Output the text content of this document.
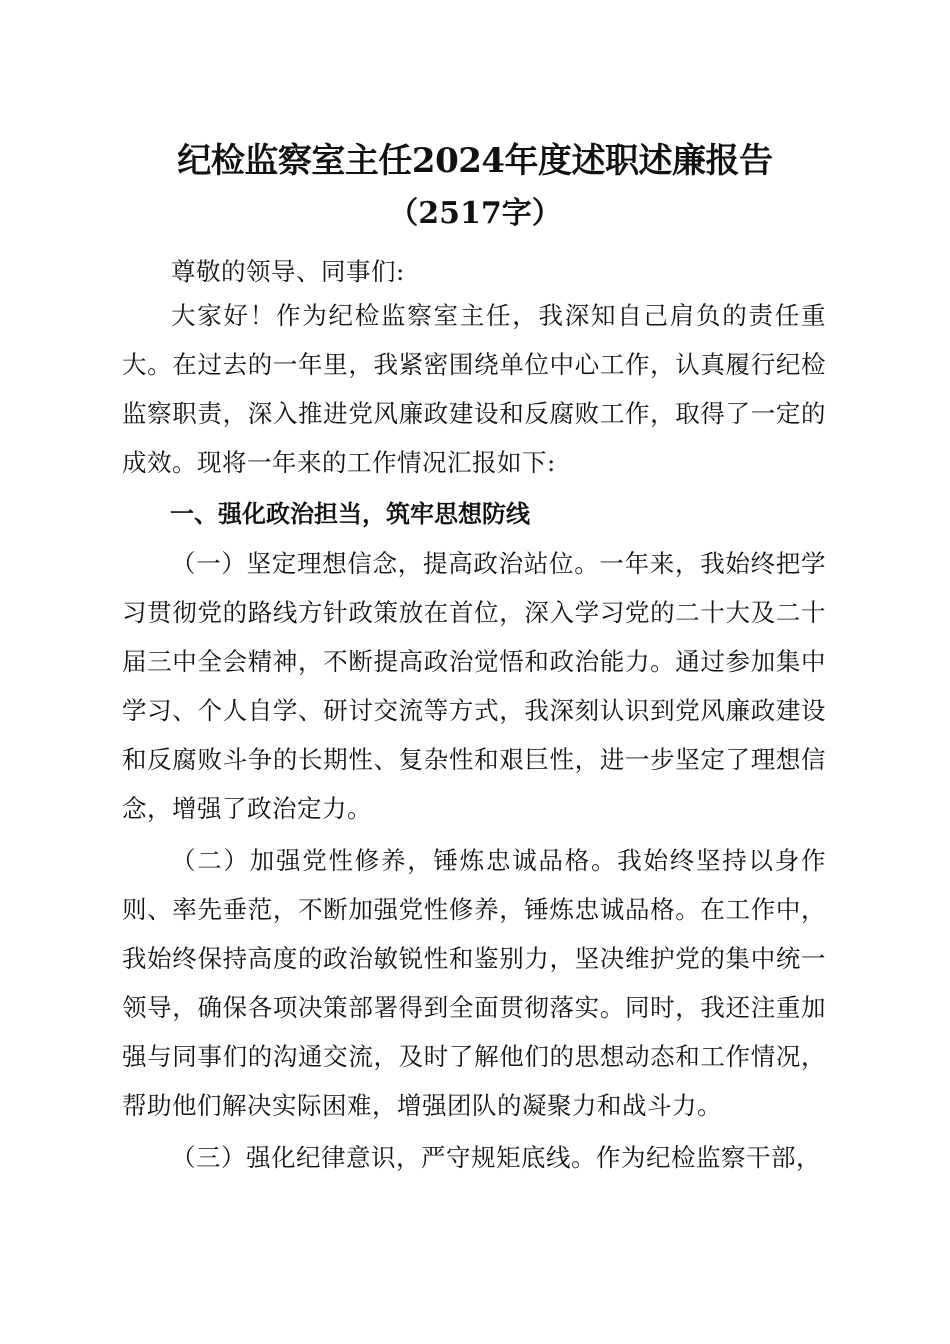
纪检监察室主任2024年度述职述廉报告
（2517字）

尊敬的领导、同事们:

大家好！作为纪检监察室主任，我深知自己肩负的责任重大。在过去的一年里，我紧密围绕单位中心工作，认真履行纪检监察职责，深入推进党风廉政建设和反腐败工作，取得了一定的成效。现将一年来的工作情况汇报如下:

一、强化政治担当，筑牢思想防线

（一）坚定理想信念，提高政治站位。一年来，我始终把学习贯彻党的路线方针政策放在首位，深入学习党的二十大及二十届三中全会精神，不断提高政治觉悟和政治能力。通过参加集中学习、个人自学、研讨交流等方式，我深刻认识到党风廉政建设和反腐败斗争的长期性、复杂性和艰巨性，进一步坚定了理想信念，增强了政治定力。

（二）加强党性修养，锤炼忠诚品格。我始终坚持以身作则、率先垂范，不断加强党性修养，锤炼忠诚品格。在工作中，我始终保持高度的政治敏锐性和鉴别力，坚决维护党的集中统一领导，确保各项决策部署得到全面贯彻落实。同时，我还注重加强与同事们的沟通交流，及时了解他们的思想动态和工作情况，帮助他们解决实际困难，增强团队的凝聚力和战斗力。

（三）强化纪律意识，严守规矩底线。作为纪检监察干部，
